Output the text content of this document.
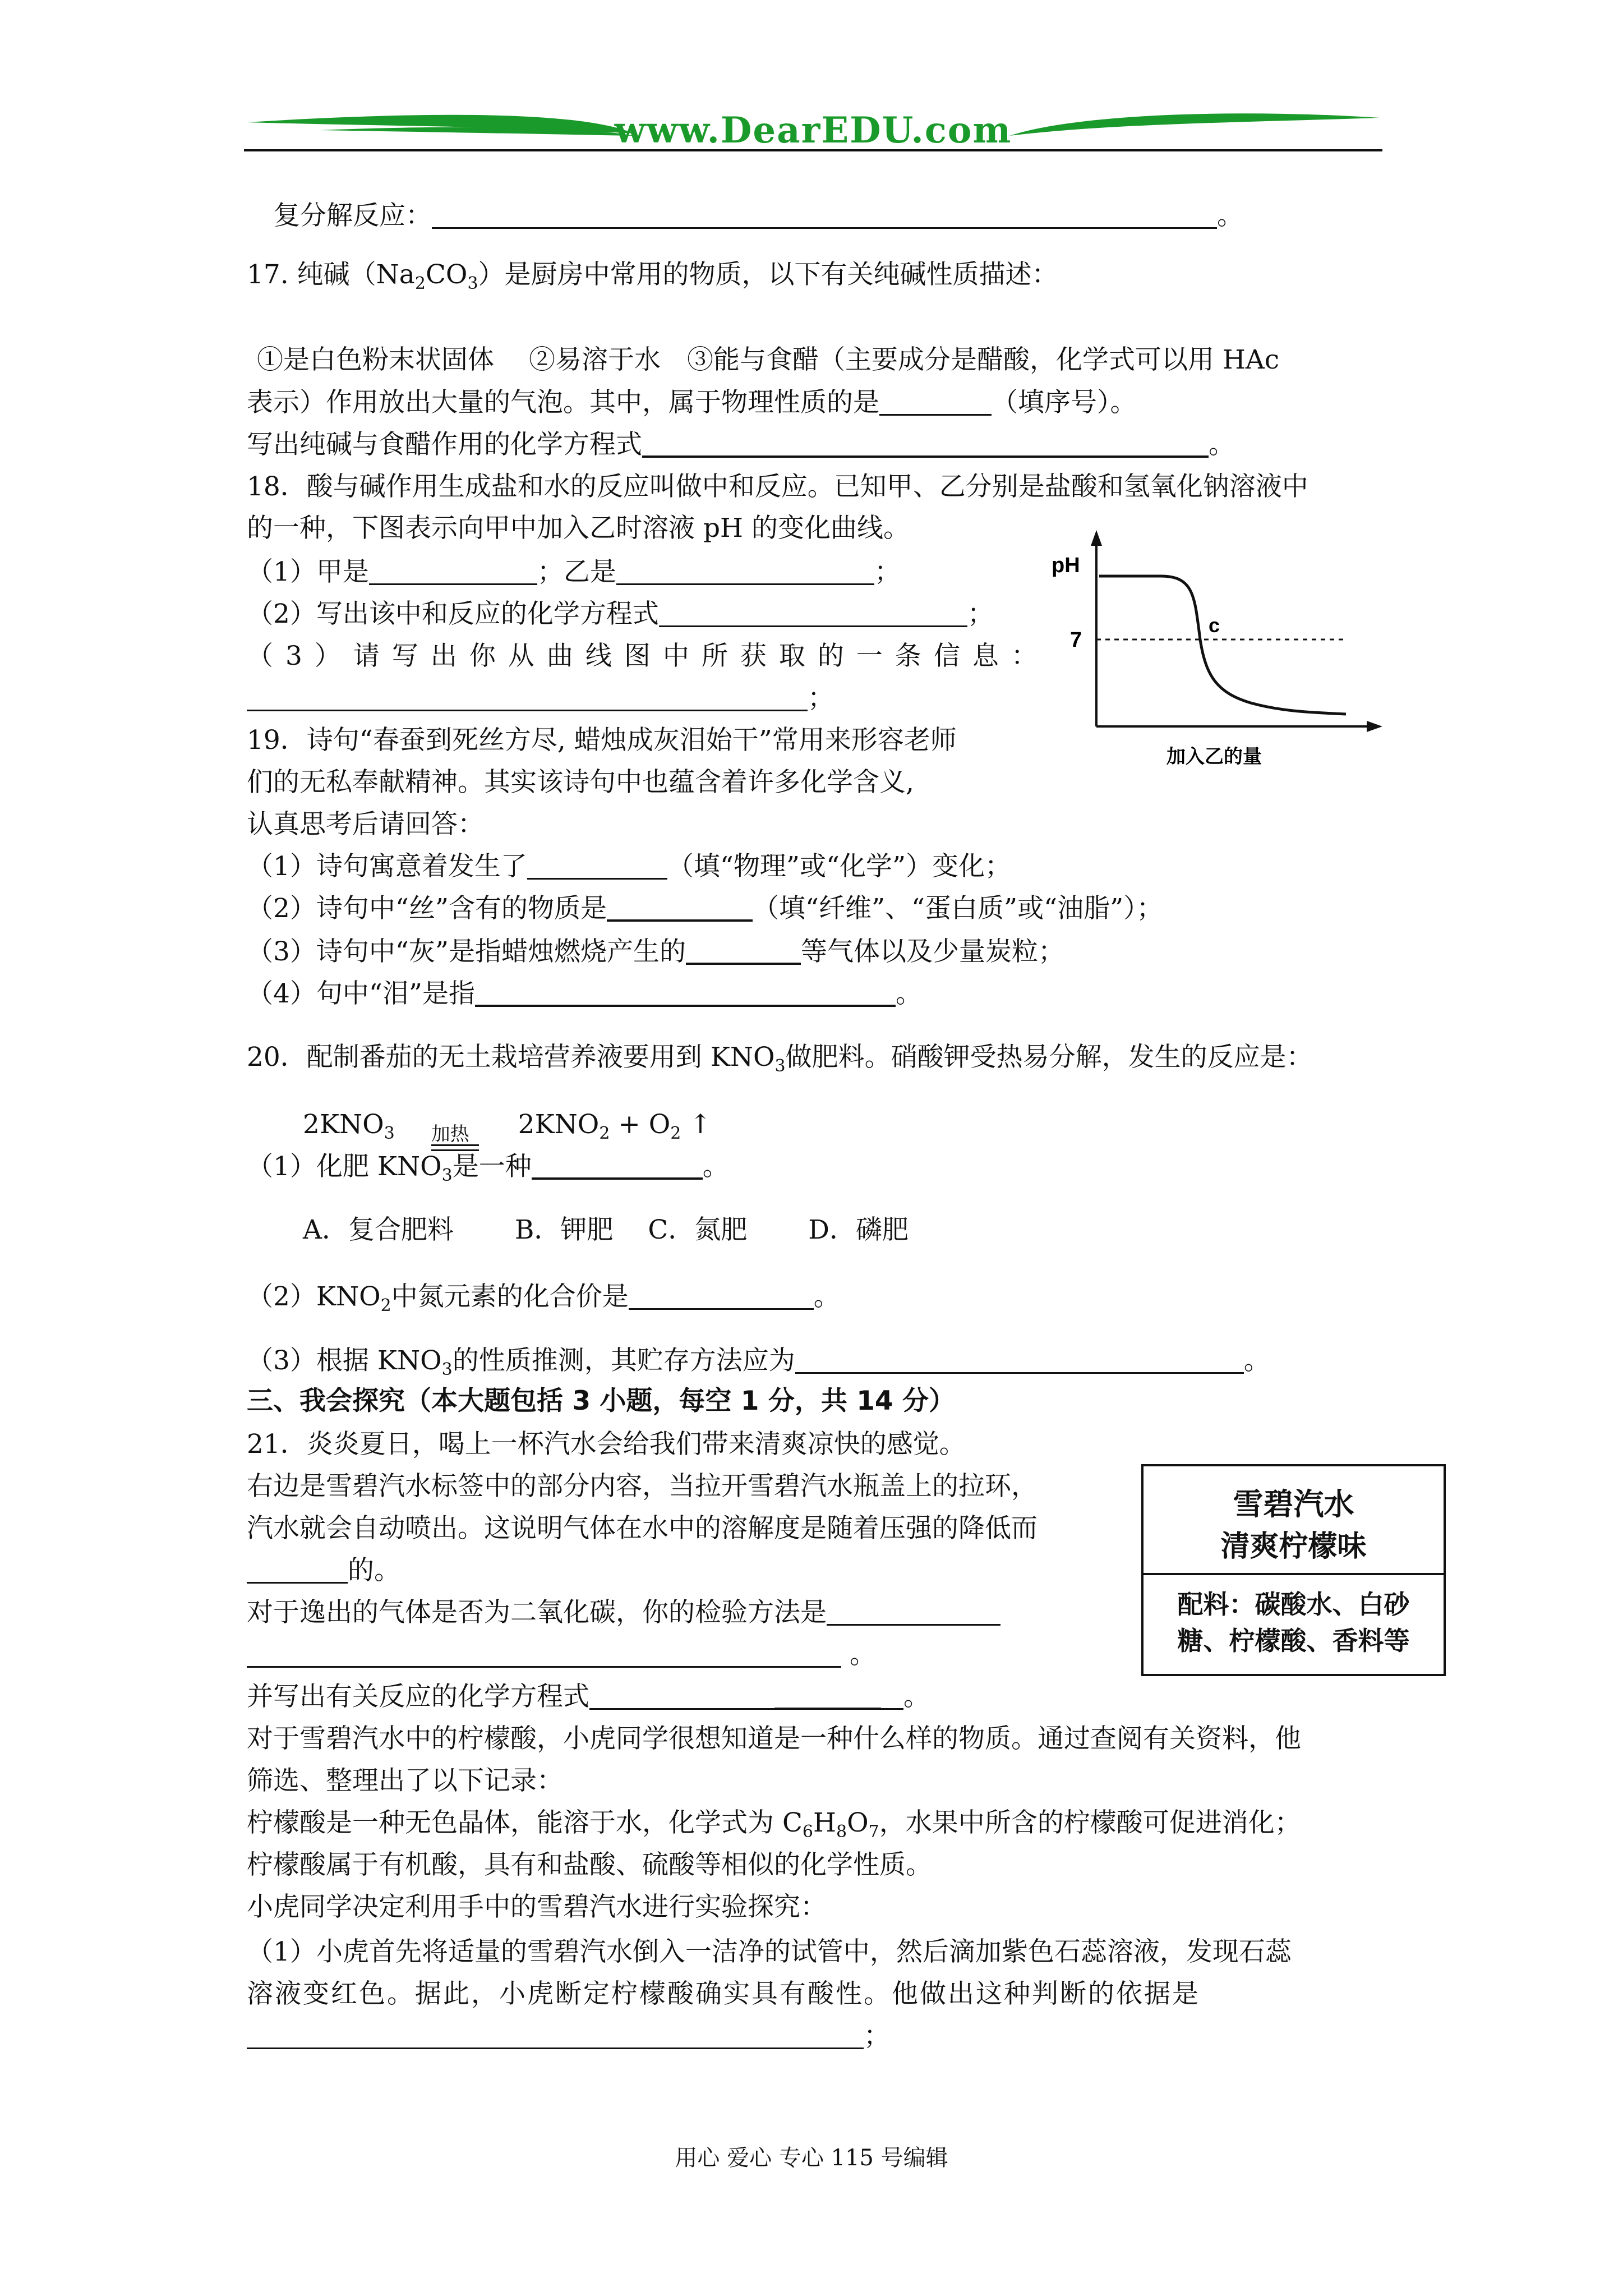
www.DearEDU.com
复分解反应：	。
17. 纯碱$(Na_2CO_3)$是厨房中常用的物质，以下有关纯碱性质描述：
①是白色粉末状固体　 ②易溶于水　③能与食醋（主要成分是醋酸，化学式可以用 HAc
表示）作用放出大量的气泡。其中，属于物理性质的是	（填序号）。
写出纯碱与食醋作用的化学方程式	。
18．酸与碱作用生成盐和水的反应叫做中和反应。已知甲、乙分别是盐酸和氢氧化钠溶液中
的一种，下图表示向甲中加入乙时溶液 pH 的变化曲线。
（1）甲是	；乙是	；
（2）写出该中和反应的化学方程式	；
（3）请写出你从曲线图中所获取的一条信息：
；
pH
7
c
加入乙的量
19．诗句“春蚕到死丝方尽, 蜡烛成灰泪始干”常用来形容老师
们的无私奉献精神。其实该诗句中也蕴含着许多化学含义,
认真思考后请回答：
（1）诗句寓意着发生了	（填“物理”或“化学”）变化；
（2）诗句中“丝”含有的物质是	（填“纤维”、“蛋白质”或“油脂”）；
（3）诗句中“灰”是指蜡烛燃烧产生的	等气体以及少量炭粒；
（4）句中“泪”是指	。
20．配制番茄的无土栽培营养液要用到 $KNO_3$做肥料。硝酸钾受热易分解，发生的反应是：
$2KNO_3$ 加热 $2KNO_2 + O_2$ ↑
（1）化肥 $KNO_3$是一种	。
A．复合肥料　　 B．钾肥　 C．氮肥　　 D．磷肥
$(2)KNO_2$中氮元素的化合价是	。
（3）根据 $KNO_3$的性质推测，其贮存方法应为	。
三、我会探究（本大题包括 3 小题，每空 1 分，共 14 分）
21．炎炎夏日，喝上一杯汽水会给我们带来清爽凉快的感觉。
右边是雪碧汽水标签中的部分内容，当拉开雪碧汽水瓶盖上的拉环，
汽水就会自动喷出。这说明气体在水中的溶解度是随着压强的降低而
的。
对于逸出的气体是否为二氧化碳，你的检验方法是
。
并写出有关反应的化学方程式	。
雪碧汽水
清爽柠檬味
配料：碳酸水、白砂
糖、柠檬酸、香料等
对于雪碧汽水中的柠檬酸，小虎同学很想知道是一种什么样的物质。通过查阅有关资料，他
筛选、整理出了以下记录：
柠檬酸是一种无色晶体，能溶于水，化学式为 $C_6H_8O_7$，水果中所含的柠檬酸可促进消化；
柠檬酸属于有机酸，具有和盐酸、硫酸等相似的化学性质。
小虎同学决定利用手中的雪碧汽水进行实验探究：
（1）小虎首先将适量的雪碧汽水倒入一洁净的试管中，然后滴加紫色石蕊溶液，发现石蕊
溶液变红色。据此，小虎断定柠檬酸确实具有酸性。他做出这种判断的依据是
；
用心 爱心 专心 115 号编辑
